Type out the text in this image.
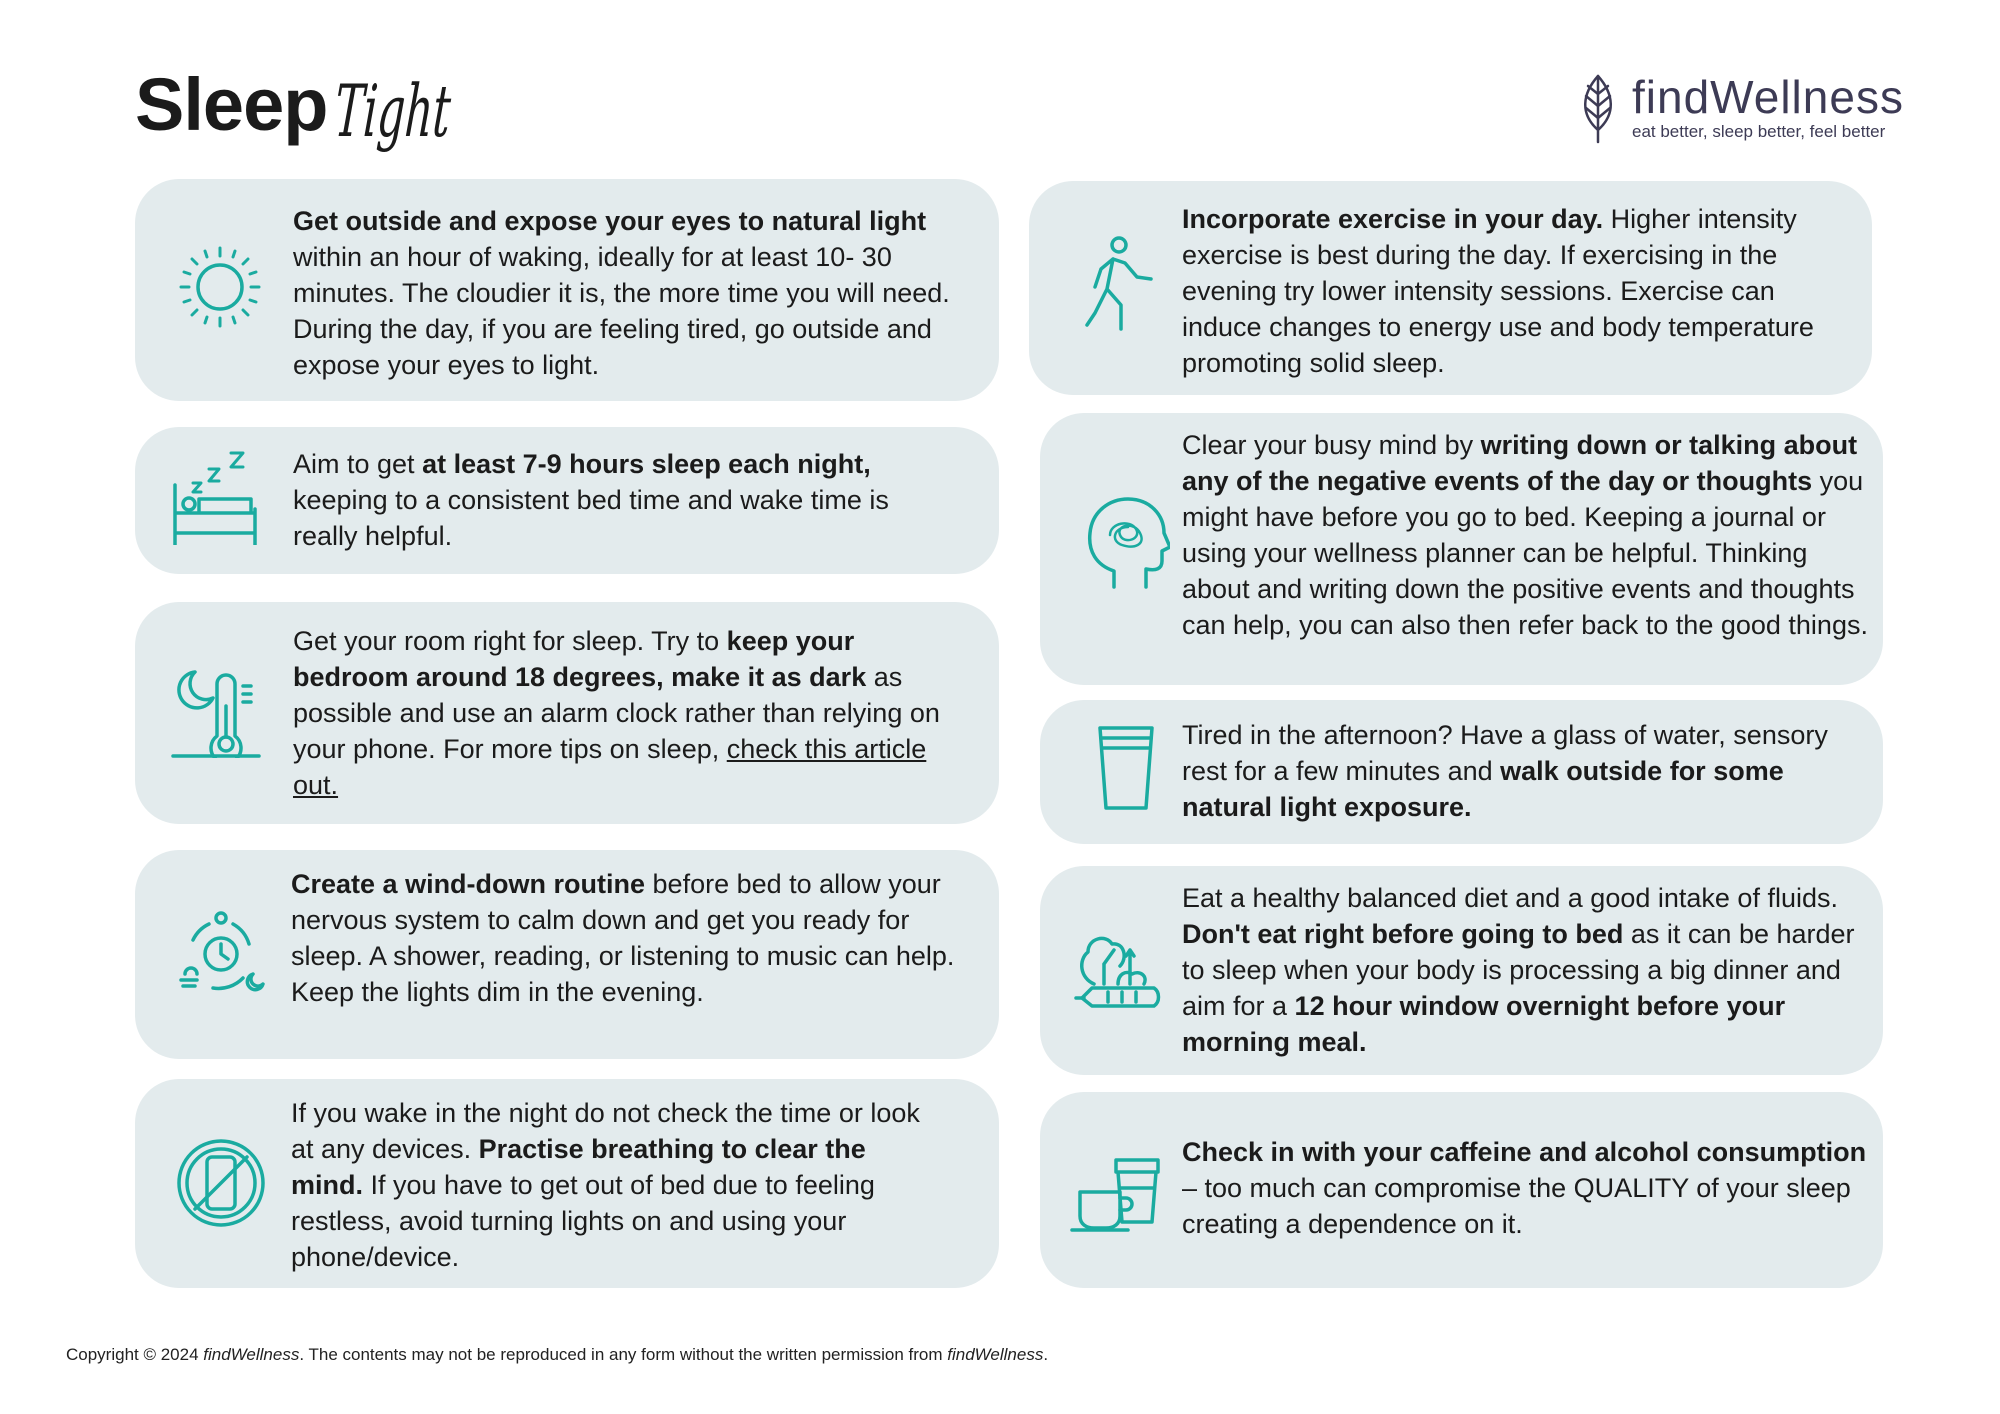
Sleep Tight	findWellness
eat better, sleep better, feel better

Get outside and expose your eyes to natural light within an hour of waking, ideally for at least 10- 30 minutes. The cloudier it is, the more time you will need. During the day, if you are feeling tired, go outside and expose your eyes to light.

Aim to get at least 7-9 hours sleep each night, keeping to a consistent bed time and wake time is really helpful.

Get your room right for sleep. Try to keep your bedroom around 18 degrees, make it as dark as possible and use an alarm clock rather than relying on your phone. For more tips on sleep, check this article out.

Create a wind-down routine before bed to allow your nervous system to calm down and get you ready for sleep. A shower, reading, or listening to music can help. Keep the lights dim in the evening.

If you wake in the night do not check the time or look at any devices. Practise breathing to clear the mind. If you have to get out of bed due to feeling restless, avoid turning lights on and using your phone/device.

Incorporate exercise in your day. Higher intensity exercise is best during the day. If exercising in the evening try lower intensity sessions. Exercise can induce changes to energy use and body temperature promoting solid sleep.

Clear your busy mind by writing down or talking about any of the negative events of the day or thoughts you might have before you go to bed. Keeping a journal or using your wellness planner can be helpful. Thinking about and writing down the positive events and thoughts can help, you can also then refer back to the good things.

Tired in the afternoon? Have a glass of water, sensory rest for a few minutes and walk outside for some natural light exposure.

Eat a healthy balanced diet and a good intake of fluids. Don't eat right before going to bed as it can be harder to sleep when your body is processing a big dinner and aim for a 12 hour window overnight before your morning meal.

Check in with your caffeine and alcohol consumption – too much can compromise the QUALITY of your sleep creating a dependence on it.

Copyright © 2024 findWellness. The contents may not be reproduced in any form without the written permission from findWellness.
